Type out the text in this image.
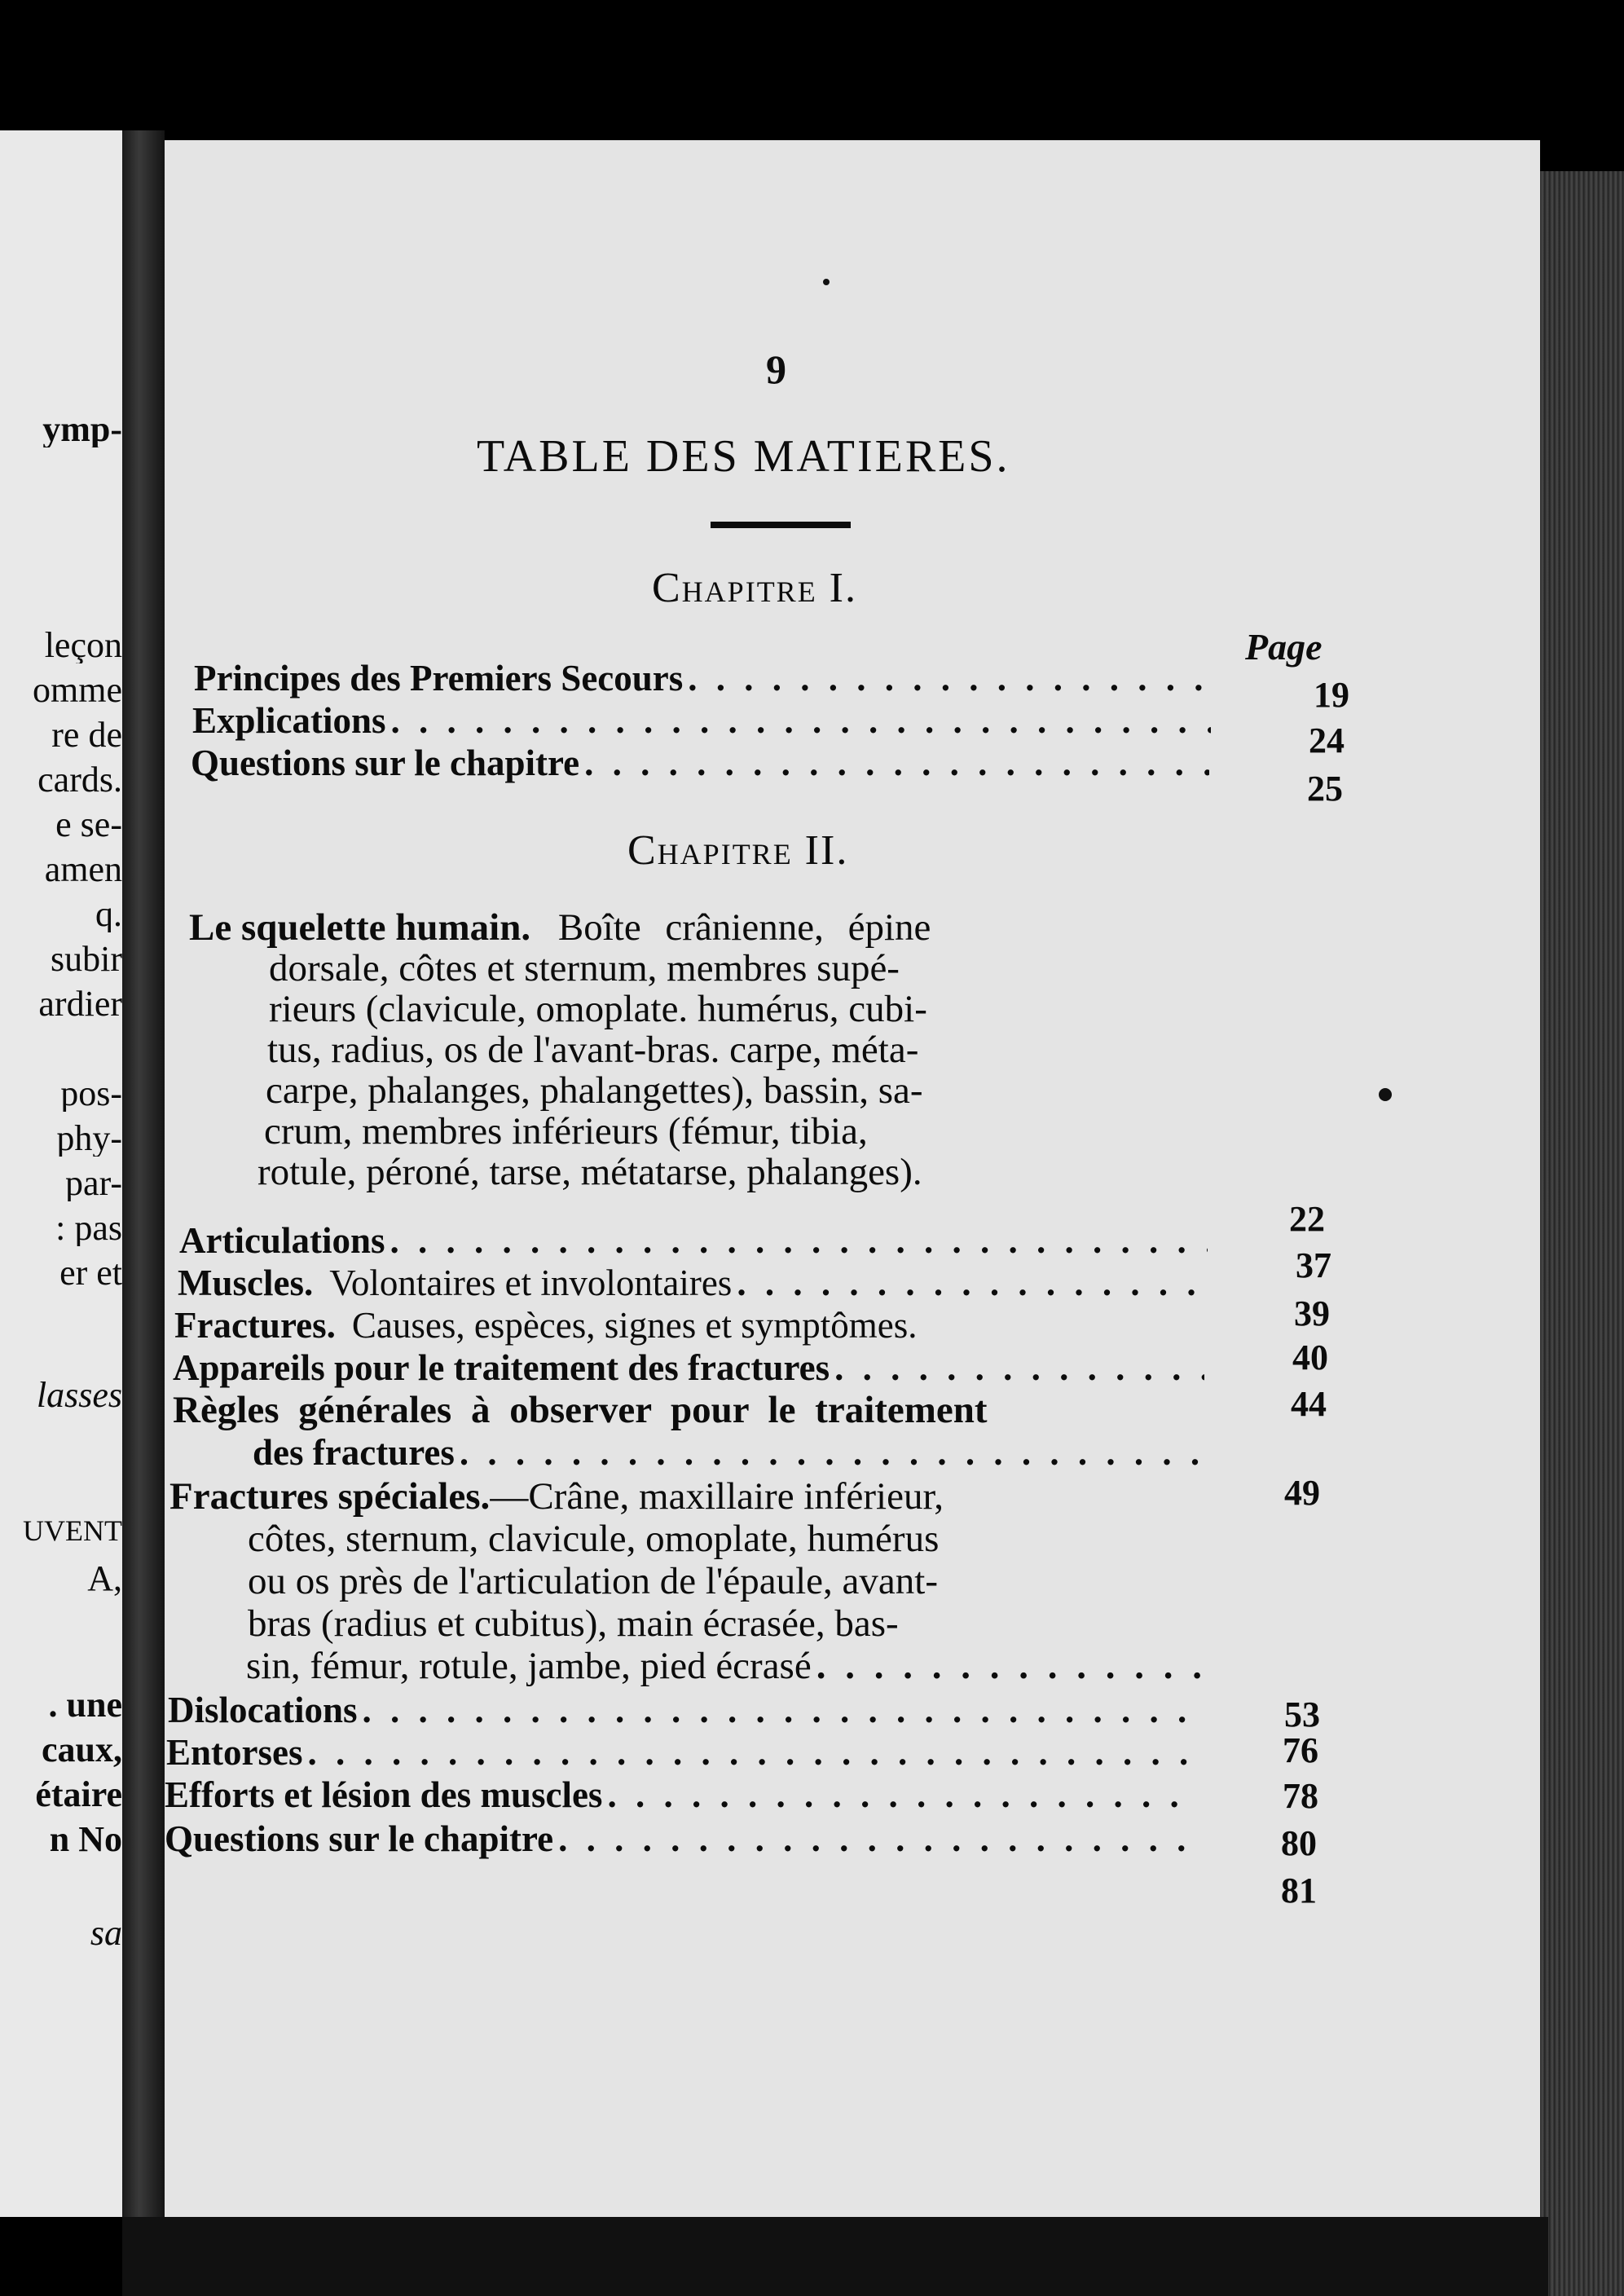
ymp-
leçon
omme
re de
cards.
e se-
amen
q.
subir
ardier
pos-
phy-
par-
: pas
er et
lasses
UVENT
A,
. une
caux,
étaire
n No
sa
9
TABLE DES MATIERES.
Chapitre I.
Page
Principes des Premiers Secours . . .	19
Explications . . .	24
Questions sur le chapitre
. . .
25
Chapitre II.
Le squelette humain. Boîte crânienne, épine
dorsale, côtes et sternum, membres supé-
rieurs (clavicule, omoplate. humérus, cubi-
tus, radius, os de l'avant-bras. carpe, méta-
carpe, phalanges, phalangettes), bassin, sa-
crum, membres inférieurs (fémur, tibia,
rotule, péroné, tarse, métatarse, phalanges).
22
Articulations
. . .
37
Muscles. Volontaires et involontaires
. . .
39
Fractures. Causes, espèces, signes et symptômes.
40
Appareils pour le traitement des fractures
. . .
44
Règles générales à observer pour le traitement
des fractures
. . .
49
Fractures spéciales.—Crâne, maxillaire inférieur,
côtes, sternum, clavicule, omoplate, humérus
ou os près de l'articulation de l'épaule, avant-
bras (radius et cubitus), main écrasée, bas-
sin, fémur, rotule, jambe, pied écrasé
. . .
53
Dislocations
. . .
76
Entorses
. . .
78
Efforts et lésion des muscles
. . .
80
Questions sur le chapitre
. . .
81
